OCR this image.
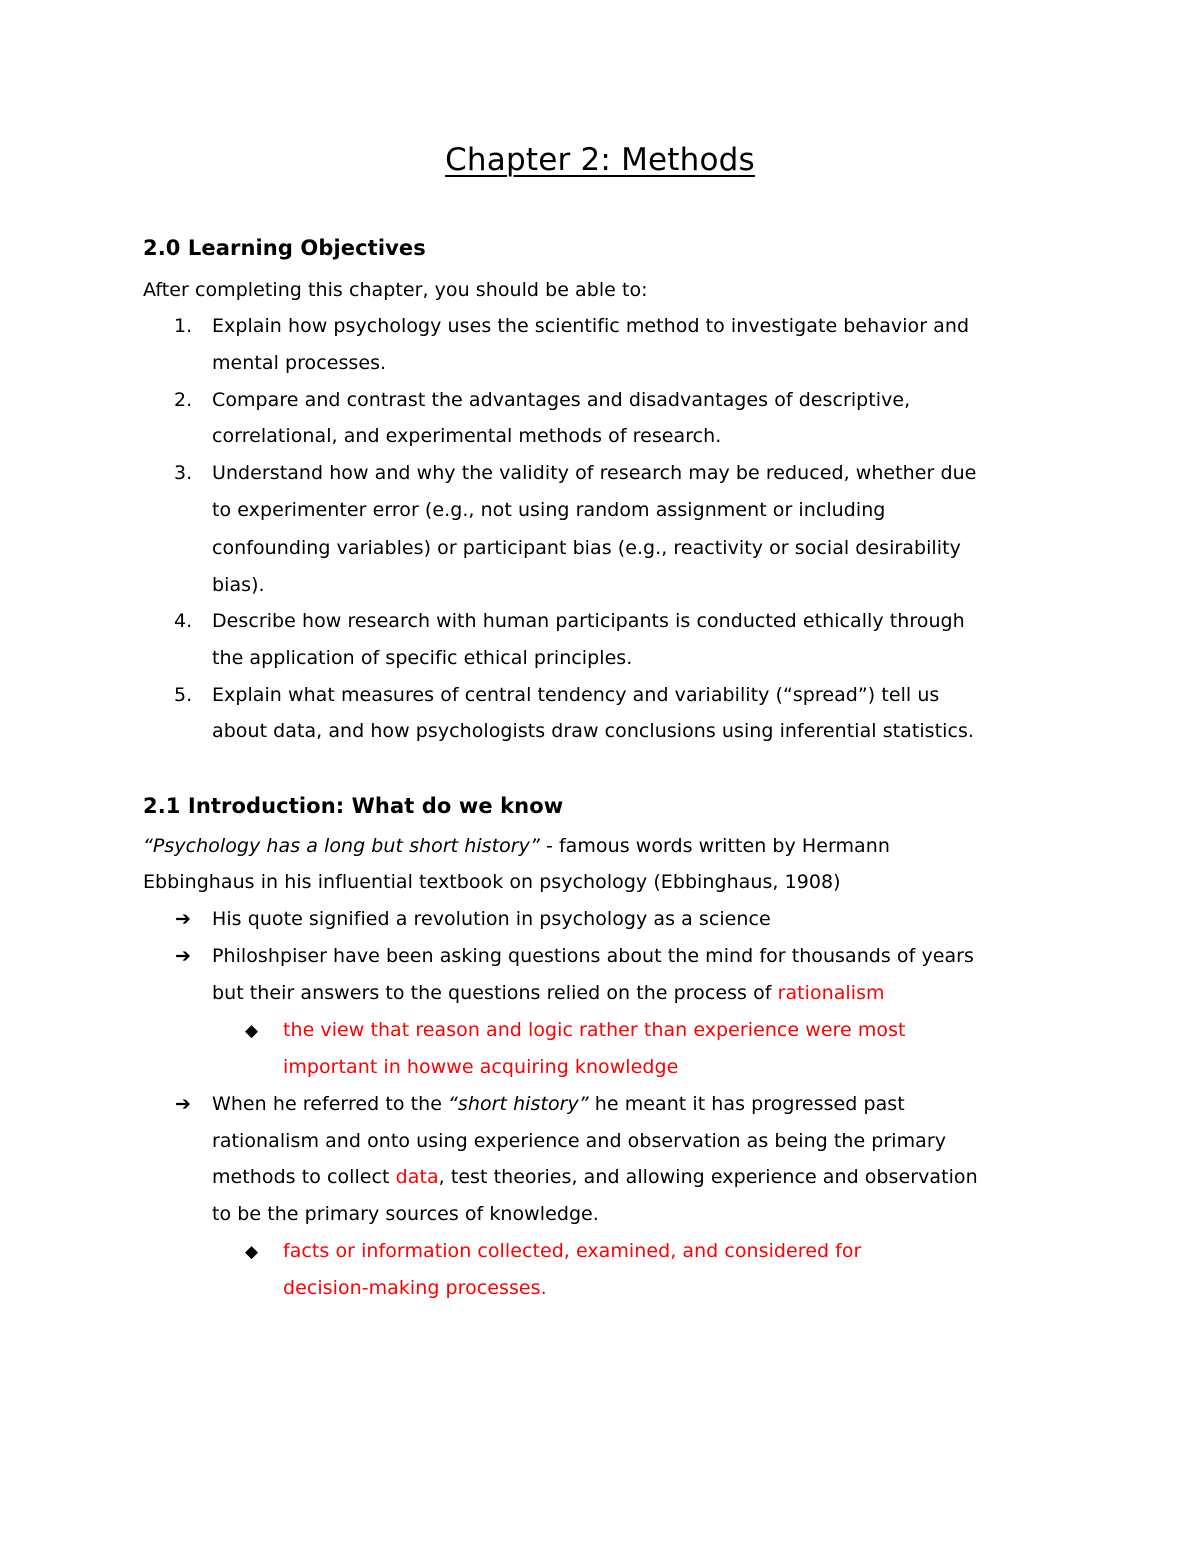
Chapter 2: Methods
2.0 Learning Objectives
After completing this chapter, you should be able to:
1. Explain how psychology uses the scientific method to investigate behavior and
mental processes.
2. Compare and contrast the advantages and disadvantages of descriptive,
correlational, and experimental methods of research.
3. Understand how and why the validity of research may be reduced, whether due
to experimenter error (e.g., not using random assignment or including
confounding variables) or participant bias (e.g., reactivity or social desirability
bias).
4. Describe how research with human participants is conducted ethically through
the application of specific ethical principles.
5. Explain what measures of central tendency and variability (“spread”) tell us
about data, and how psychologists draw conclusions using inferential statistics.
2.1 Introduction: What do we know
“Psychology has a long but short history” - famous words written by Hermann
Ebbinghaus in his influential textbook on psychology (Ebbinghaus, 1908)
➔ His quote signified a revolution in psychology as a science
➔ Philoshpiser have been asking questions about the mind for thousands of years
but their answers to the questions relied on the process of rationalism
◆ the view that reason and logic rather than experience were most
important in howwe acquiring knowledge
➔ When he referred to the “short history” he meant it has progressed past
rationalism and onto using experience and observation as being the primary
methods to collect data, test theories, and allowing experience and observation
to be the primary sources of knowledge.
◆ facts or information collected, examined, and considered for
decision-making processes.
